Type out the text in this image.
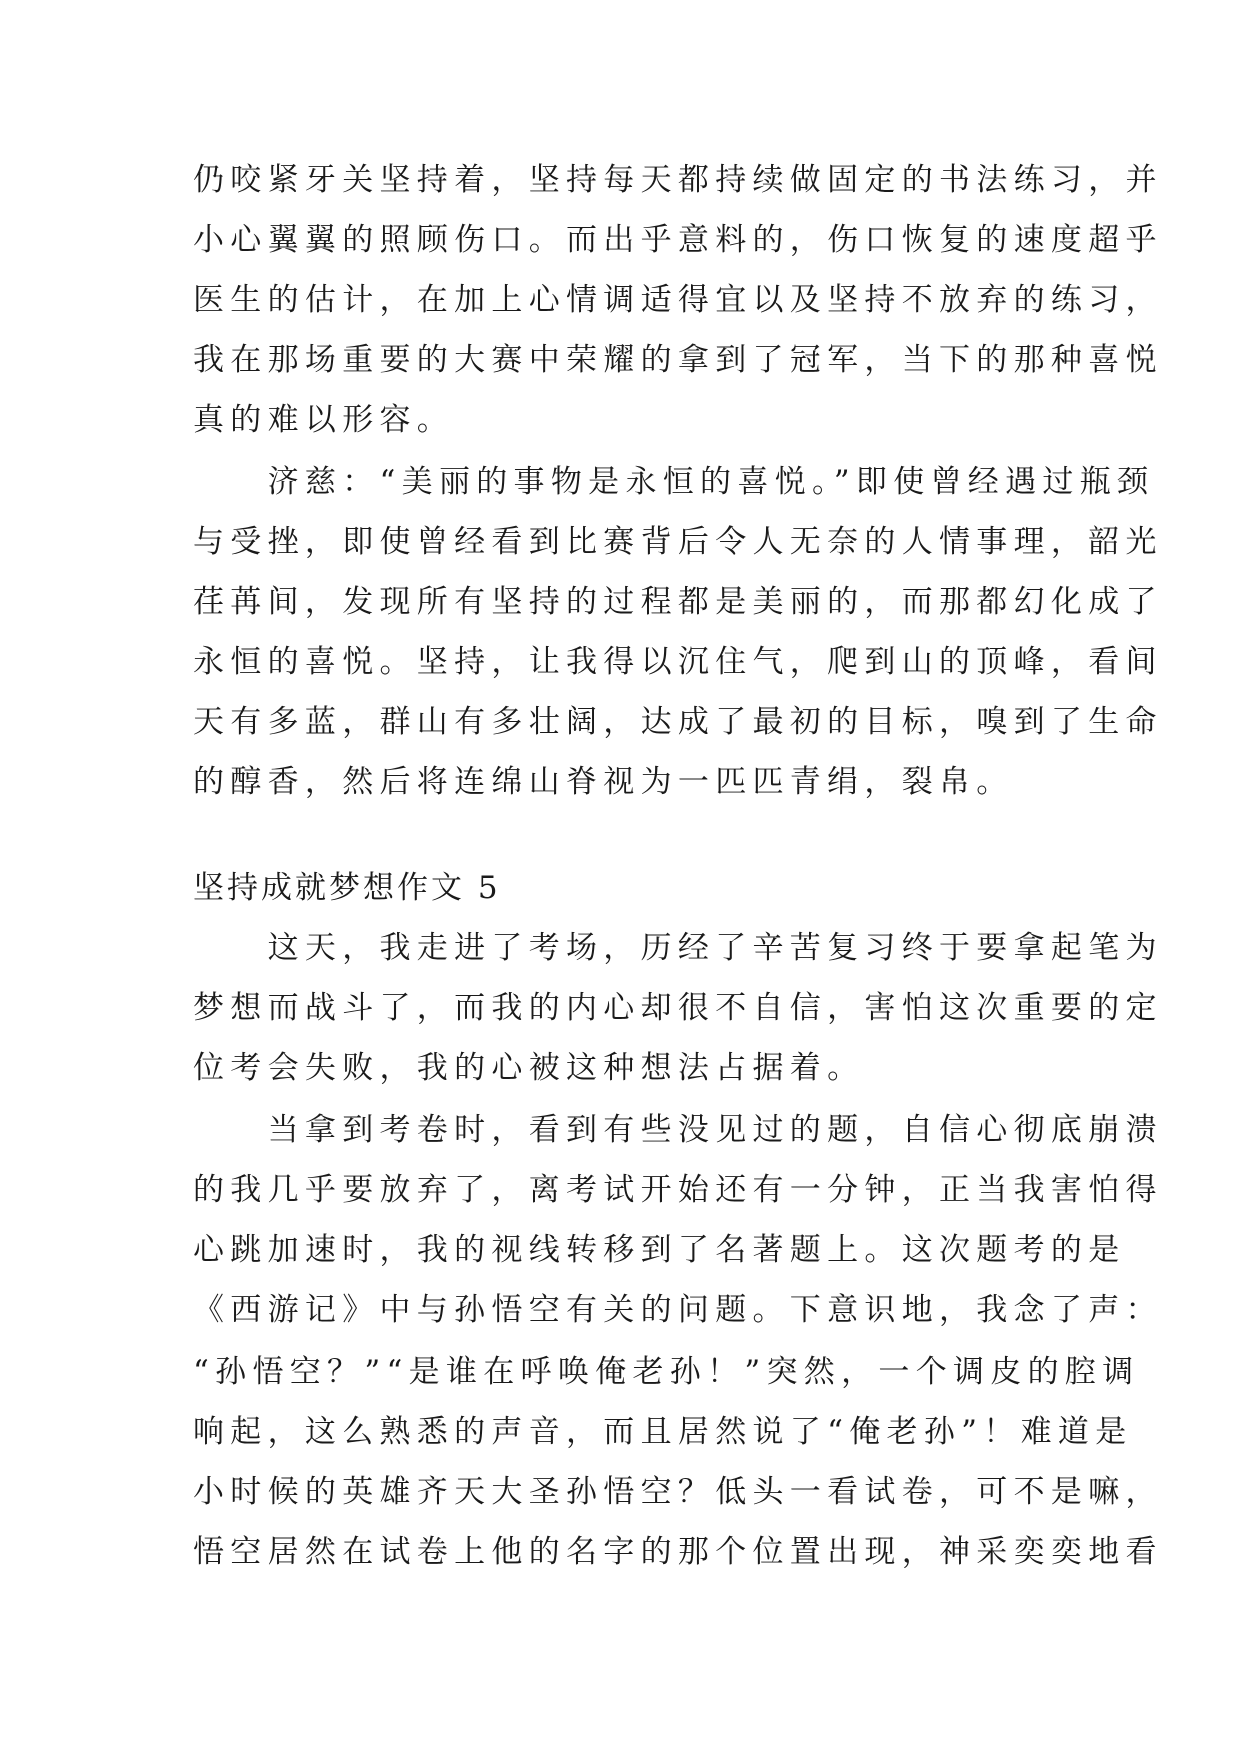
仍咬紧牙关坚持着，坚持每天都持续做固定的书法练习，并
小心翼翼的照顾伤口。而出乎意料的，伤口恢复的速度超乎
医生的估计，在加上心情调适得宜以及坚持不放弃的练习，
我在那场重要的大赛中荣耀的拿到了冠军，当下的那种喜悦
真的难以形容。
　　济慈：“美丽的事物是永恒的喜悦。”即使曾经遇过瓶颈
与受挫，即使曾经看到比赛背后令人无奈的人情事理，韶光
荏苒间，发现所有坚持的过程都是美丽的，而那都幻化成了
永恒的喜悦。坚持，让我得以沉住气，爬到山的顶峰，看间
天有多蓝，群山有多壮阔，达成了最初的目标，嗅到了生命
的醇香，然后将连绵山脊视为一匹匹青绢，裂帛。
坚持成就梦想作文 5
　　这天，我走进了考场，历经了辛苦复习终于要拿起笔为
梦想而战斗了，而我的内心却很不自信，害怕这次重要的定
位考会失败，我的心被这种想法占据着。
　　当拿到考卷时，看到有些没见过的题，自信心彻底崩溃
的我几乎要放弃了，离考试开始还有一分钟，正当我害怕得
心跳加速时，我的视线转移到了名著题上。这次题考的是
《西游记》中与孙悟空有关的问题。下意识地，我念了声：
“孙悟空？”“是谁在呼唤俺老孙！”突然，一个调皮的腔调
响起，这么熟悉的声音，而且居然说了“俺老孙”！难道是
小时候的英雄齐天大圣孙悟空？低头一看试卷，可不是嘛，
悟空居然在试卷上他的名字的那个位置出现，神采奕奕地看
